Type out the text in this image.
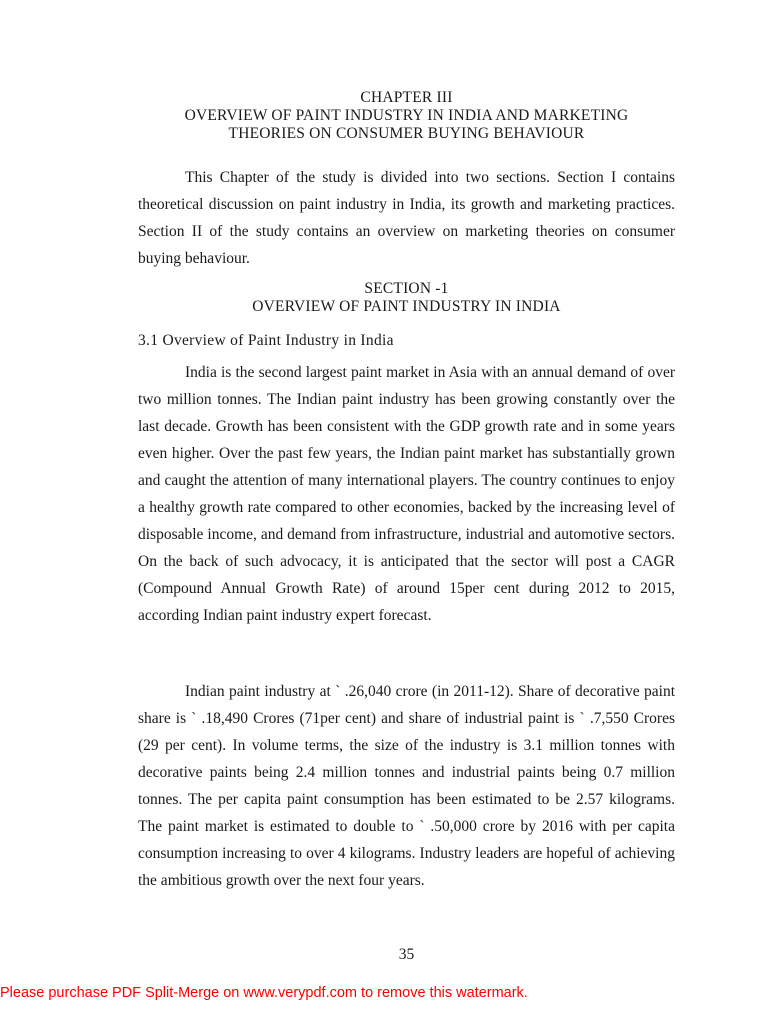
CHAPTER III

OVERVIEW OF PAINT INDUSTRY IN INDIA AND MARKETING

THEORIES ON CONSUMER BUYING BEHAVIOUR

This Chapter of the study is divided into two sections. Section I contains theoretical discussion on paint industry in India, its growth and marketing practices. Section II of the study contains an overview on marketing theories on consumer buying behaviour.

SECTION -1

OVERVIEW OF PAINT INDUSTRY IN INDIA

3.1 Overview of Paint Industry in India

India is the second largest paint market in Asia with an annual demand of over two million tonnes. The Indian paint industry has been growing constantly over the last decade. Growth has been consistent with the GDP growth rate and in some years even higher. Over the past few years, the Indian paint market has substantially grown and caught the attention of many international players. The country continues to enjoy a healthy growth rate compared to other economies, backed by the increasing level of disposable income, and demand from infrastructure, industrial and automotive sectors. On the back of such advocacy, it is anticipated that the sector will post a CAGR (Compound Annual Growth Rate) of around 15per cent during 2012 to 2015, according Indian paint industry expert forecast.

Indian paint industry at ` .26,040 crore (in 2011-12). Share of decorative paint share is ` .18,490 Crores (71per cent) and share of industrial paint is ` .7,550 Crores (29 per cent). In volume terms, the size of the industry is 3.1 million tonnes with decorative paints being 2.4 million tonnes and industrial paints being 0.7 million tonnes. The per capita paint consumption has been estimated to be 2.57 kilograms. The paint market is estimated to double to ` .50,000 crore by 2016 with per capita consumption increasing to over 4 kilograms. Industry leaders are hopeful of achieving the ambitious growth over the next four years.

35

Please purchase PDF Split-Merge on www.verypdf.com to remove this watermark.
